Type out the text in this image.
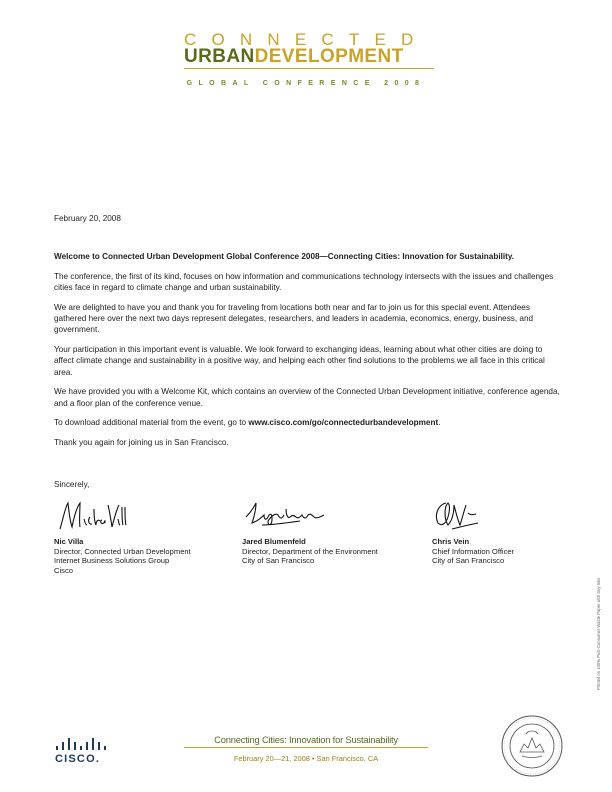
CONNECTED
URBANDEVELOPMENT
GLOBAL CONFERENCE 2008
February 20, 2008

Welcome to Connected Urban Development Global Conference 2008—Connecting Cities: Innovation for Sustainability.

The conference, the first of its kind, focuses on how information and communications technology intersects with the issues and challenges cities face in regard to climate change and urban sustainability.

We are delighted to have you and thank you for traveling from locations both near and far to join us for this special event. Attendees gathered here over the next two days represent delegates, researchers, and leaders in academia, economics, energy, business, and government.

Your participation in this important event is valuable. We look forward to exchanging ideas, learning about what other cities are doing to affect climate change and sustainability in a positive way, and helping each other find solutions to the problems we all face in this critical area.

We have provided you with a Welcome Kit, which contains an overview of the Connected Urban Development initiative, conference agenda, and a floor plan of the conference venue.

To download additional material from the event, go to www.cisco.com/go/connectedurbandevelopment.

Thank you again for joining us in San Francisco.

Sincerely,
Nic Villa
Director, Connected Urban Development
Internet Business Solutions Group
Cisco
Jared Blumenfeld
Director, Department of the Environment
City of San Francisco
Chris Vein
Chief Information Officer
City of San Francisco
Printed on 100% Post-Consumer Waste Paper with Soy Inks
CISCO.
Connecting Cities: Innovation for Sustainability
February 20—21, 2008 • San Francisco, CA
